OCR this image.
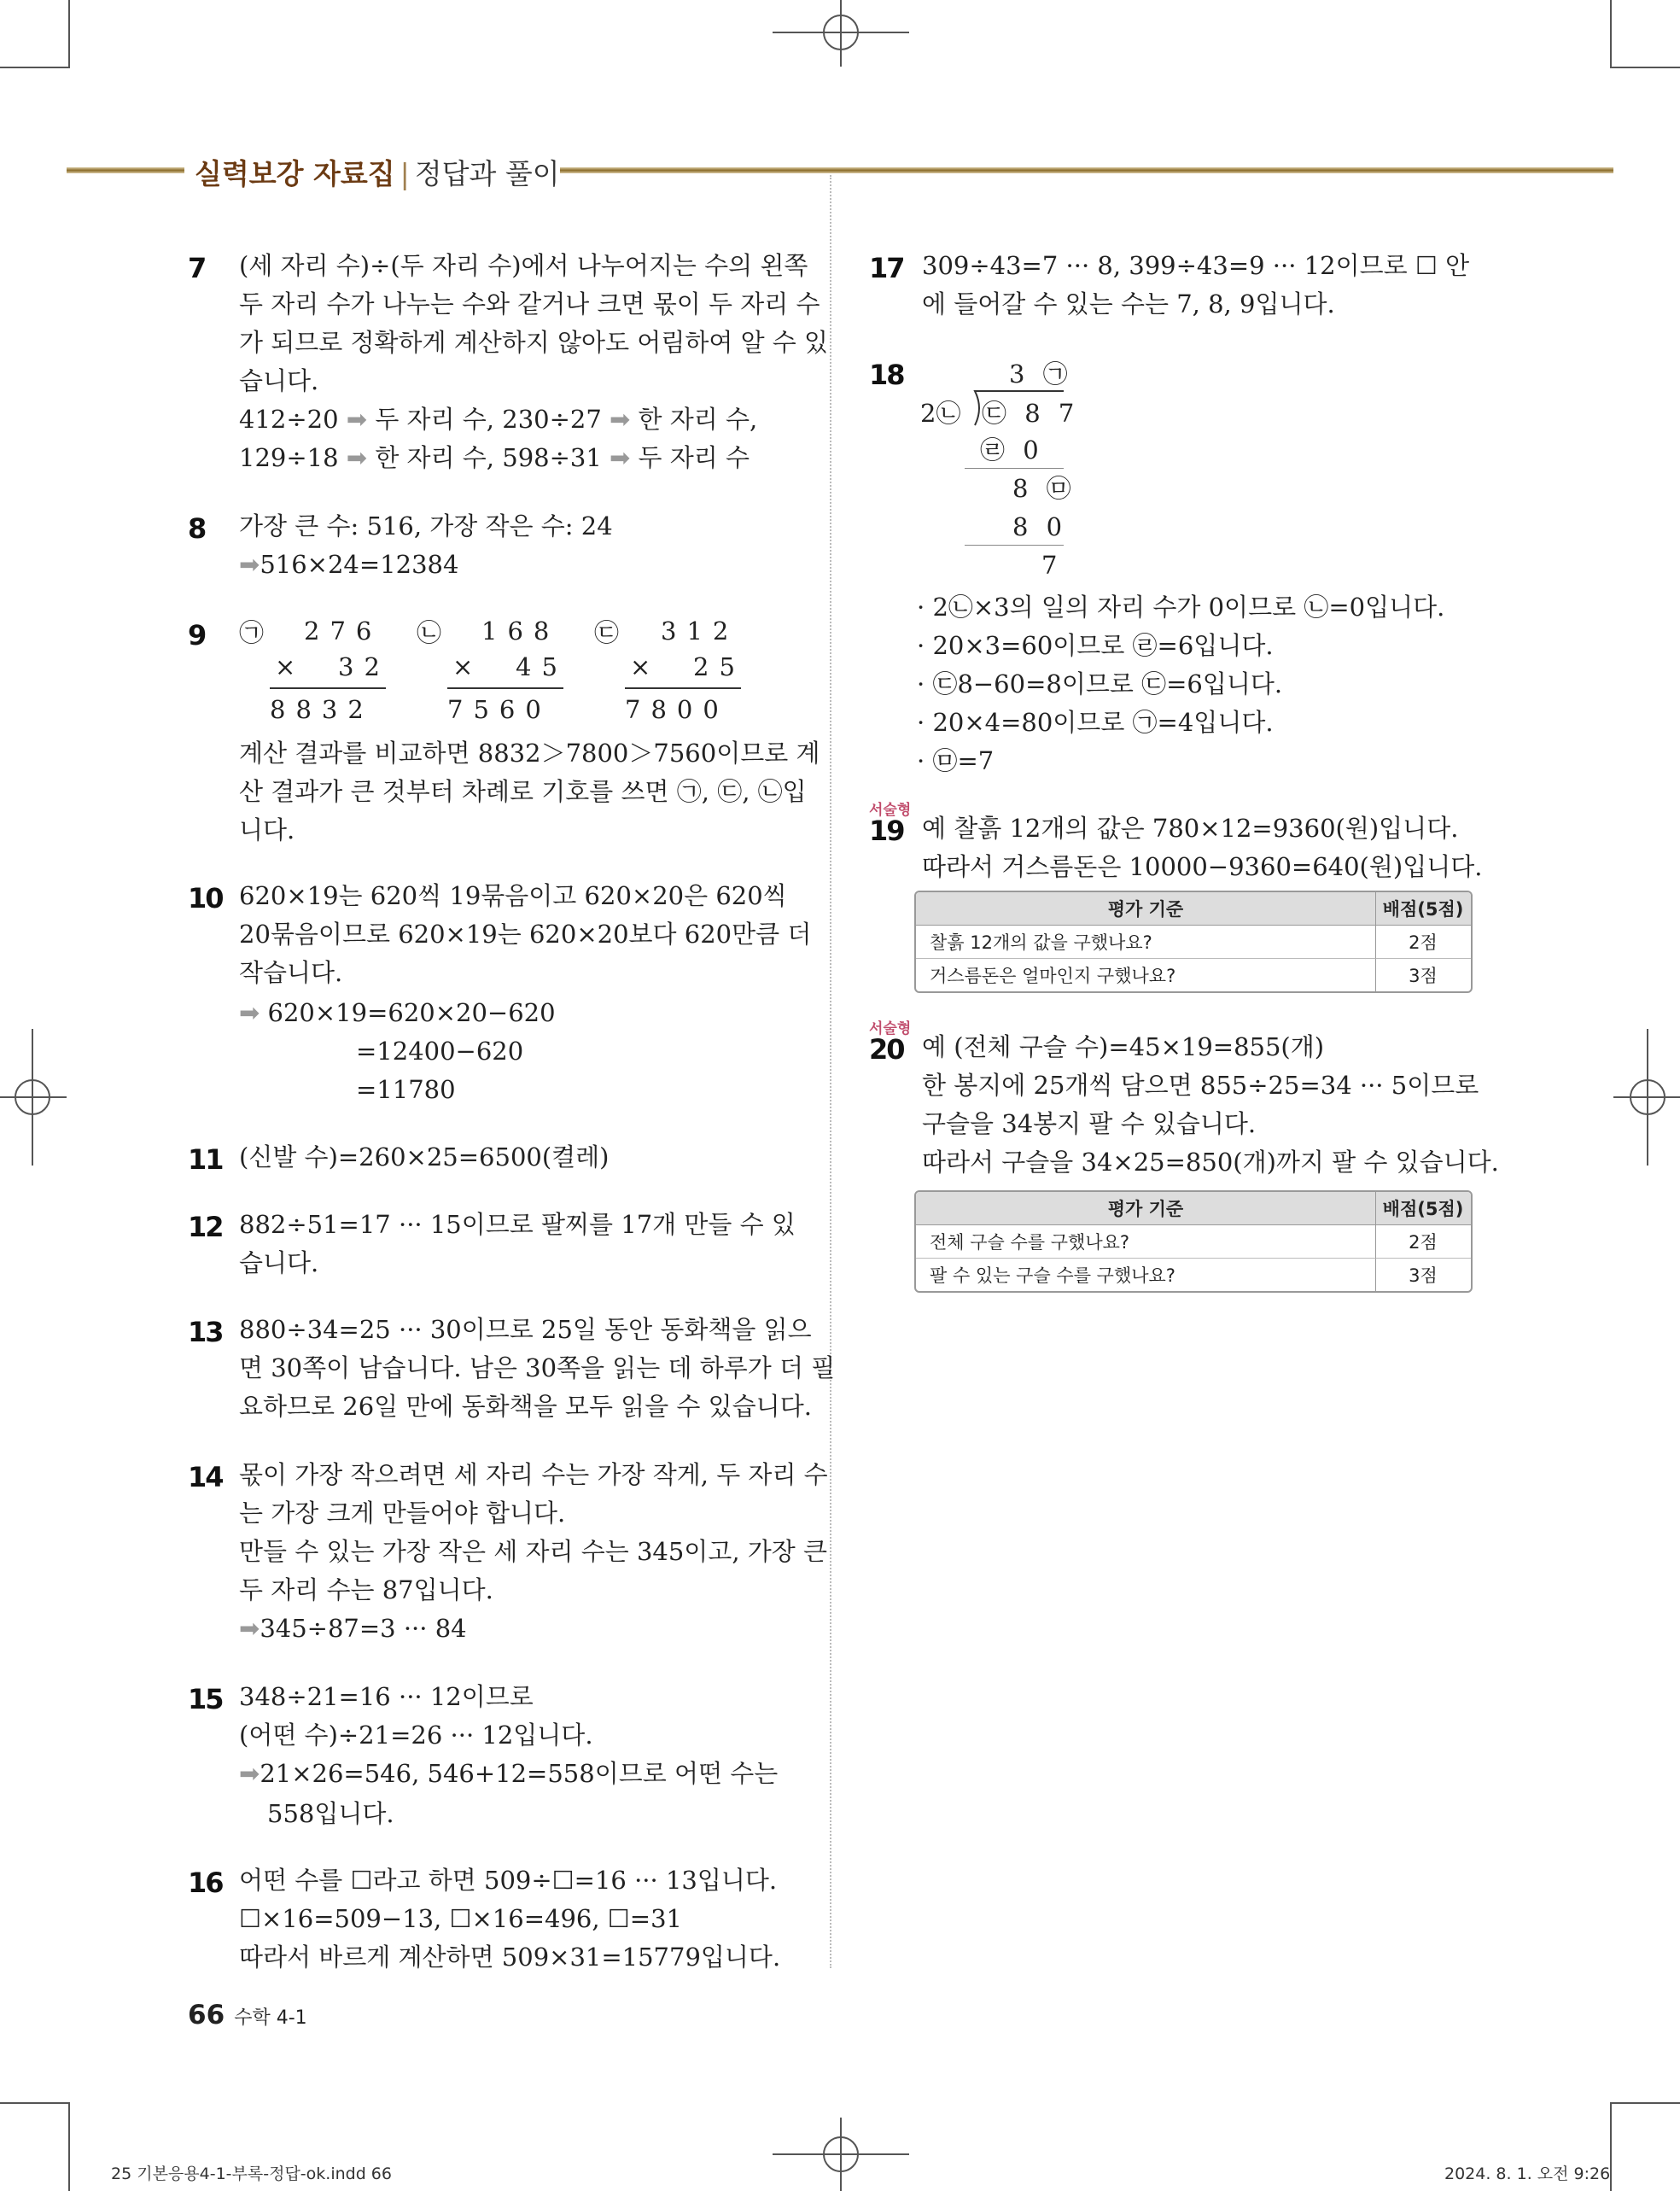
실력보강 자료집 | 정답과 풀이
7 (세 자리 수)÷(두 자리 수)에서 나누어지는 수의 왼쪽
두 자리 수가 나누는 수와 같거나 크면 몫이 두 자리 수
가 되므로 정확하게 계산하지 않아도 어림하여 알 수 있
습니다.
412÷20 ➡ 두 자리 수, 230÷27 ➡ 한 자리 수,
129÷18 ➡ 한 자리 수, 598÷31 ➡ 두 자리 수
8 가장 큰 수: 516, 가장 작은 수: 24
➡516×24=12384
9 ㉠ 276
× 32
8832
㉡ 168
× 45
7560
㉢ 312
× 25
7800
계산 결과를 비교하면 8832＞7800＞7560이므로 계
산 결과가 큰 것부터 차례로 기호를 쓰면 ㉠, ㉢, ㉡입
니다.
10 620×19는 620씩 19묶음이고 620×20은 620씩
20묶음이므로 620×19는 620×20보다 620만큼 더
작습니다.
➡ 620×19=620×20−620
=12400−620
=11780
11 (신발 수)=260×25=6500(켤레)
12 882÷51=17 ··· 15이므로 팔찌를 17개 만들 수 있
습니다.
13 880÷34=25 ··· 30이므로 25일 동안 동화책을 읽으
면 30쪽이 남습니다. 남은 30쪽을 읽는 데 하루가 더 필
요하므로 26일 만에 동화책을 모두 읽을 수 있습니다.
14 몫이 가장 작으려면 세 자리 수는 가장 작게, 두 자리 수
는 가장 크게 만들어야 합니다.
만들 수 있는 가장 작은 세 자리 수는 345이고, 가장 큰
두 자리 수는 87입니다.
➡345÷87=3 ··· 84
15 348÷21=16 ··· 12이므로
(어떤 수)÷21=26 ··· 12입니다.
➡21×26=546, 546+12=558이므로 어떤 수는
558입니다.
16 어떤 수를 ☐라고 하면 509÷☐=16 ··· 13입니다.
☐×16=509−13, ☐×16=496, ☐=31
따라서 바르게 계산하면 509×31=15779입니다.
17 309÷43=7 ··· 8, 399÷43=9 ··· 12이므로 ☐ 안
에 들어갈 수 있는 수는 7, 8, 9입니다.
18	3 ㉠
2㉡ ㉢ 8 7
㉣ 0
8 ㉤
8 0
7
· 2㉡×3의 일의 자리 수가 0이므로 ㉡=0입니다.
· 20×3=60이므로 ㉣=6입니다.
· ㉢8−60=8이므로 ㉢=6입니다.
· 20×4=80이므로 ㉠=4입니다.
· ㉤=7
서술형
19 예 찰흙 12개의 값은 780×12=9360(원)입니다.
따라서 거스름돈은 10000−9360=640(원)입니다.
평가 기준	배점(5점)
찰흙 12개의 값을 구했나요?	2점
거스름돈은 얼마인지 구했나요?	3점
서술형
20 예 (전체 구슬 수)=45×19=855(개)
한 봉지에 25개씩 담으면 855÷25=34 ··· 5이므로
구슬을 34봉지 팔 수 있습니다.
따라서 구슬을 34×25=850(개)까지 팔 수 있습니다.
평가 기준	배점(5점)
전체 구슬 수를 구했나요?	2점
팔 수 있는 구슬 수를 구했나요?	3점
66 수학 4-1
25 기본응용4-1-부록-정답-ok.indd 66	2024. 8. 1. 오전 9:26
